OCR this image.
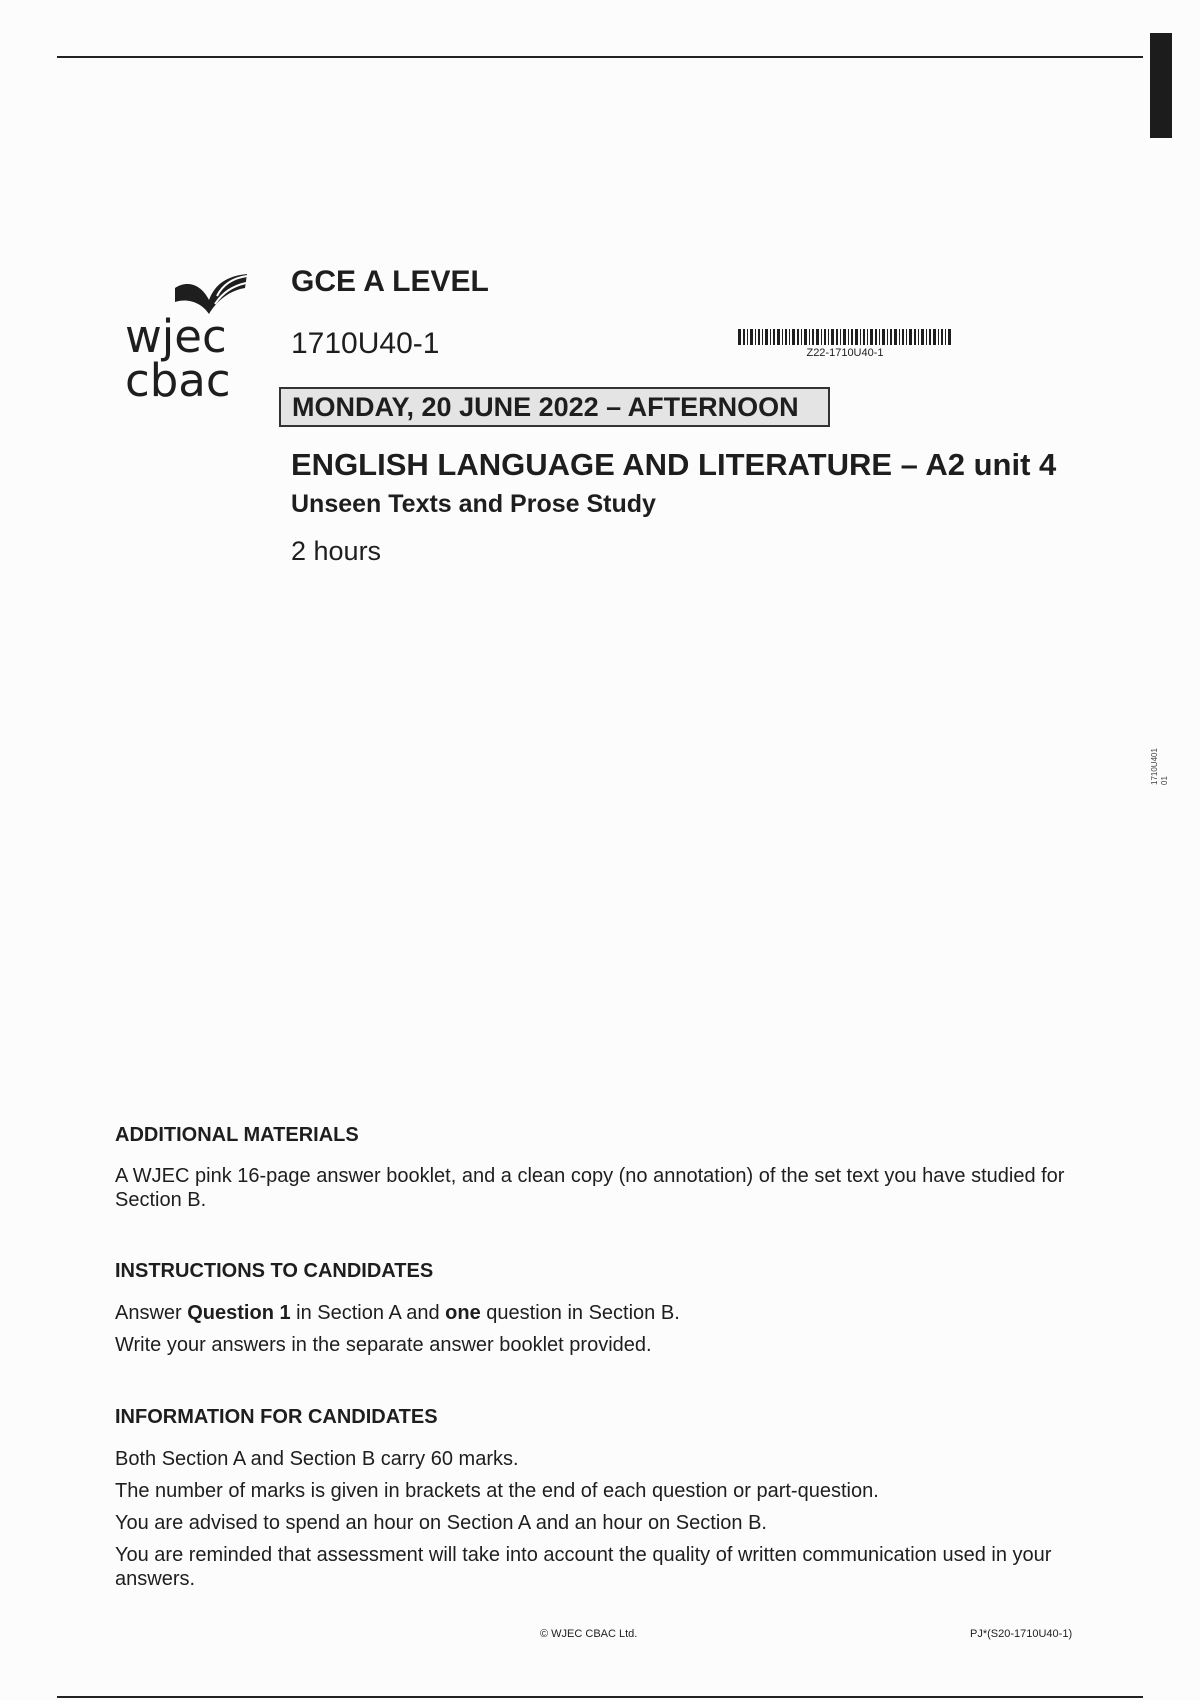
wjec
cbac
GCE A LEVEL
1710U40-1	Z22-1710U40-1
MONDAY, 20 JUNE 2022 – AFTERNOON
ENGLISH LANGUAGE AND LITERATURE – A2 unit 4
Unseen Texts and Prose Study
2 hours
1710U401 01
ADDITIONAL MATERIALS
A WJEC pink 16-page answer booklet, and a clean copy (no annotation) of the set text you have studied for Section B.
INSTRUCTIONS TO CANDIDATES
Answer Question 1 in Section A and one question in Section B.
Write your answers in the separate answer booklet provided.
INFORMATION FOR CANDIDATES
Both Section A and Section B carry 60 marks.
The number of marks is given in brackets at the end of each question or part-question.
You are advised to spend an hour on Section A and an hour on Section B.
You are reminded that assessment will take into account the quality of written communication used in your answers.
© WJEC CBAC Ltd.	PJ*(S20-1710U40-1)
